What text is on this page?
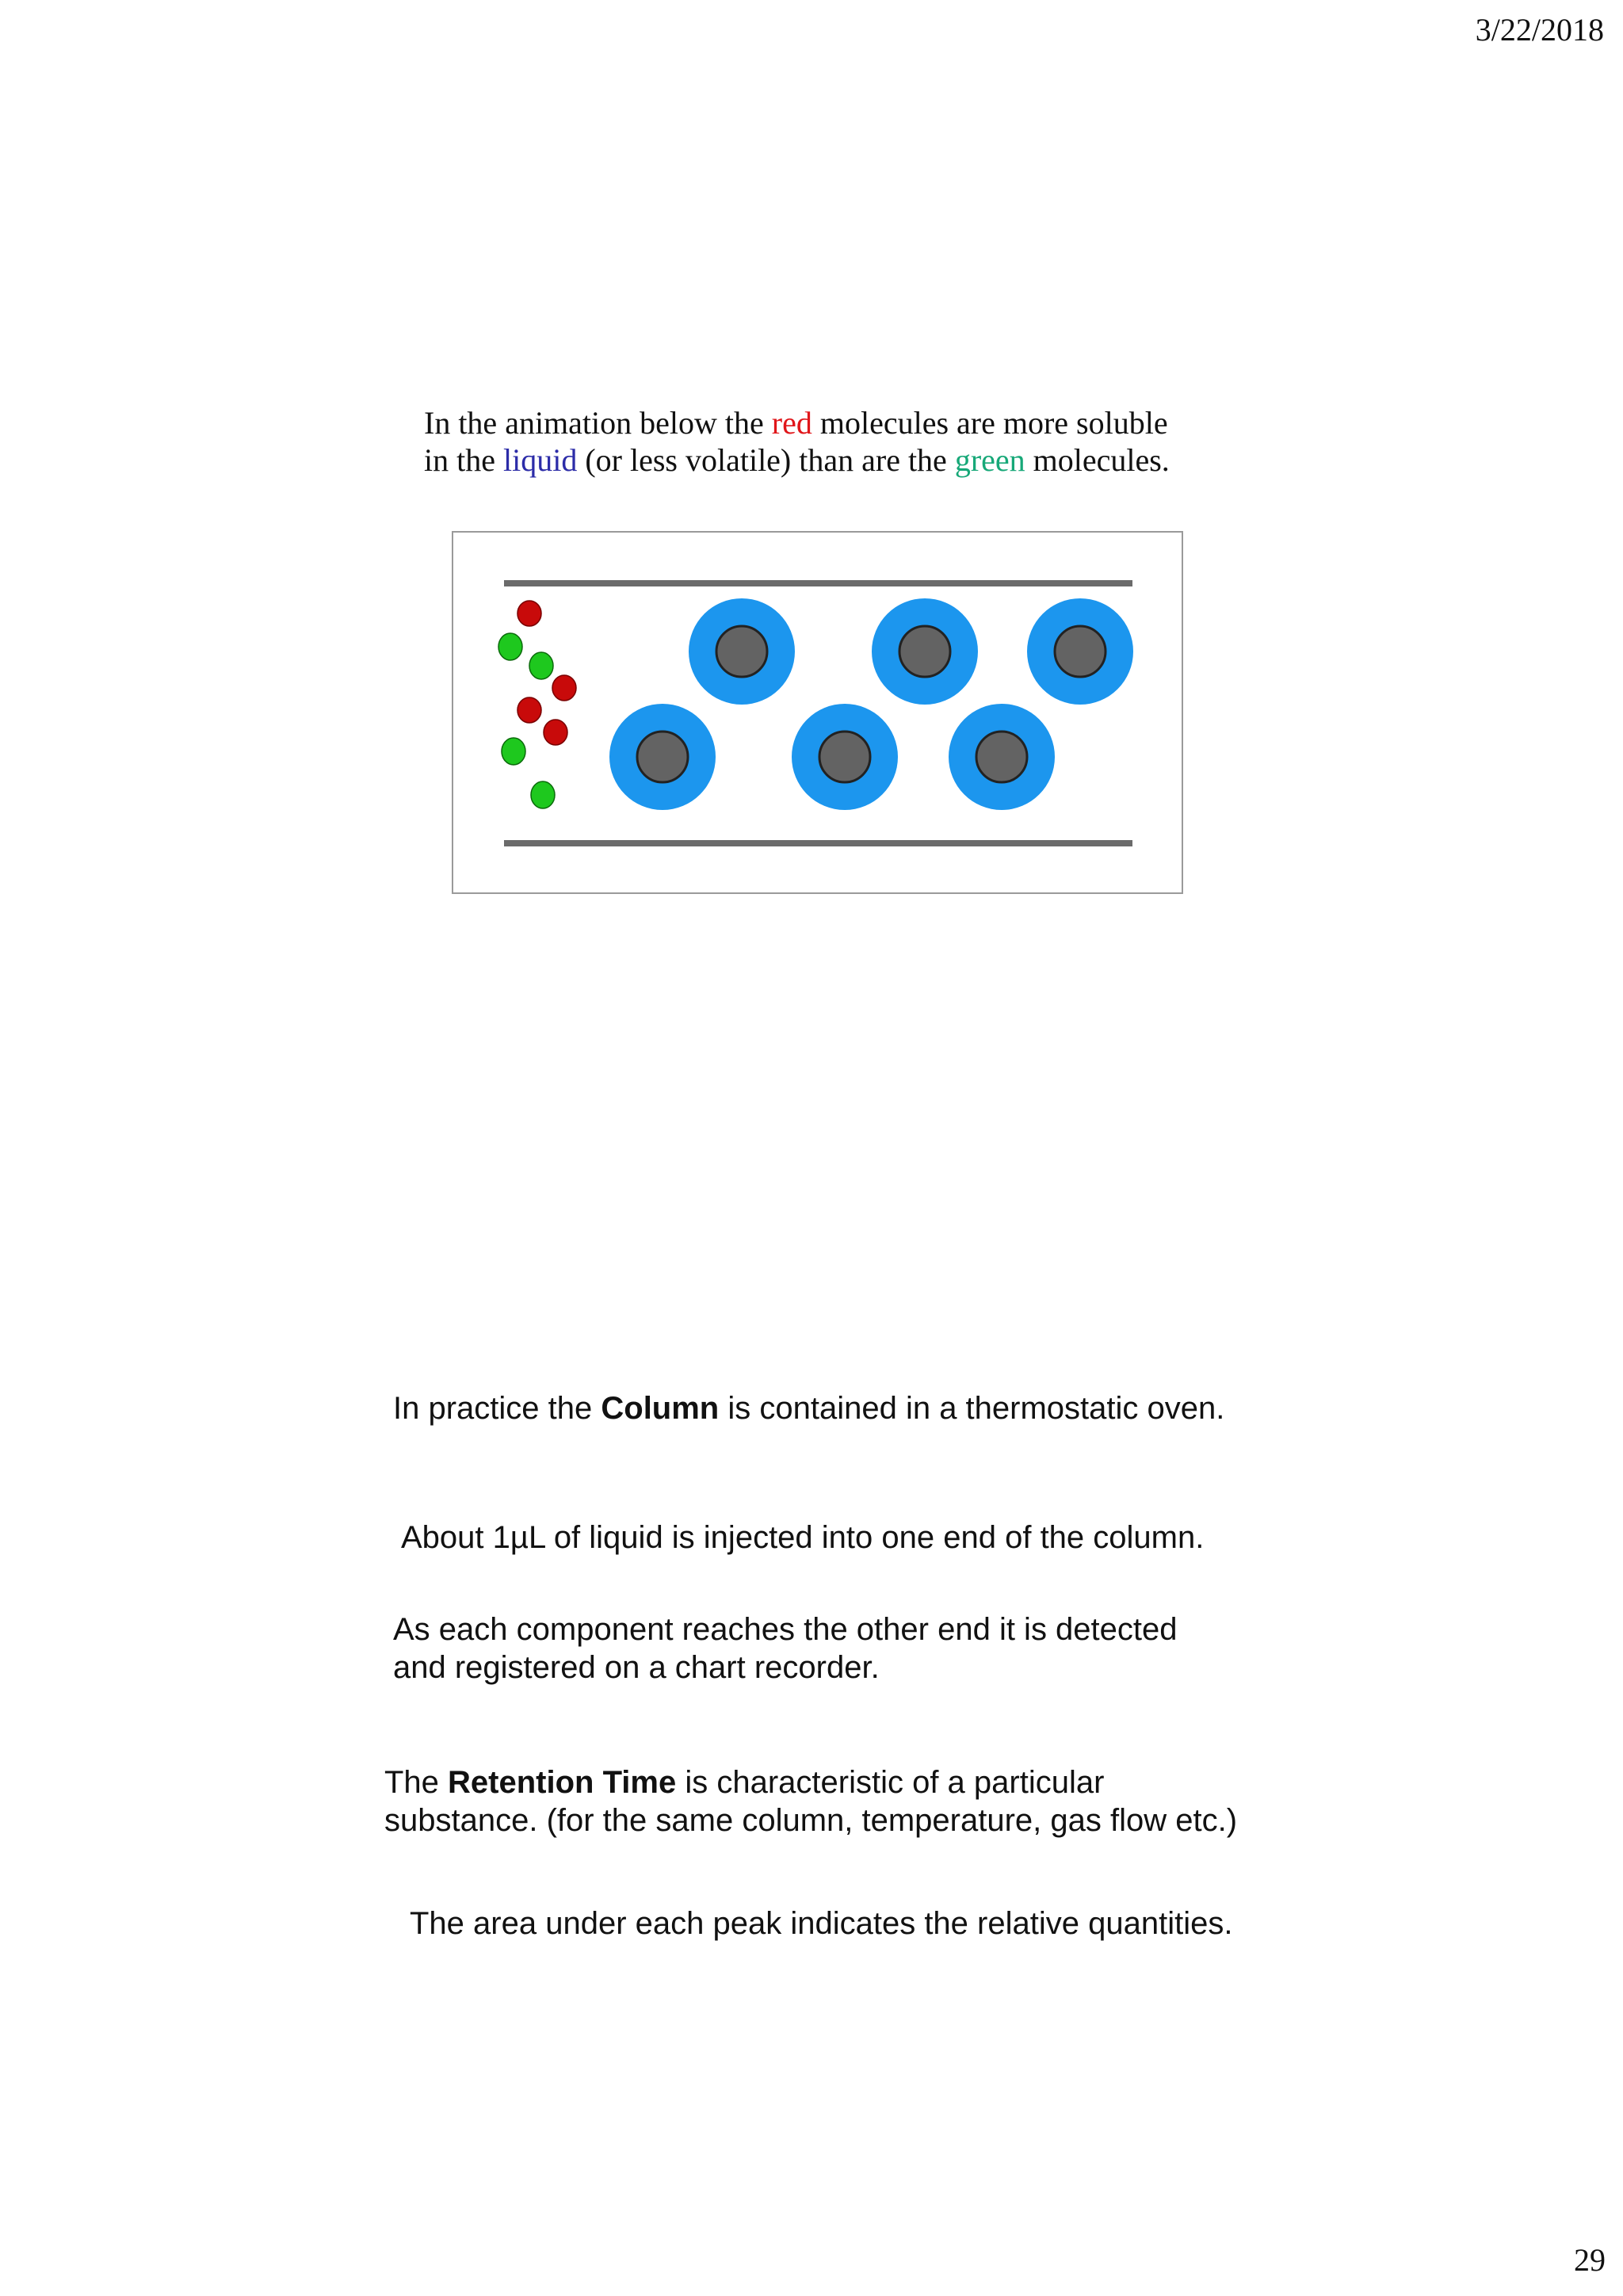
3/22/2018
In the animation below the red molecules are more soluble
in the liquid (or less volatile) than are the green molecules.
In practice the Column is contained in a thermostatic oven.
About 1µL of liquid is injected into one end of the column.
As each component reaches the other end it is detected
and registered on a chart recorder.
The Retention Time is characteristic of a particular
substance. (for the same column, temperature, gas flow etc.)
The area under each peak indicates the relative quantities.
29
